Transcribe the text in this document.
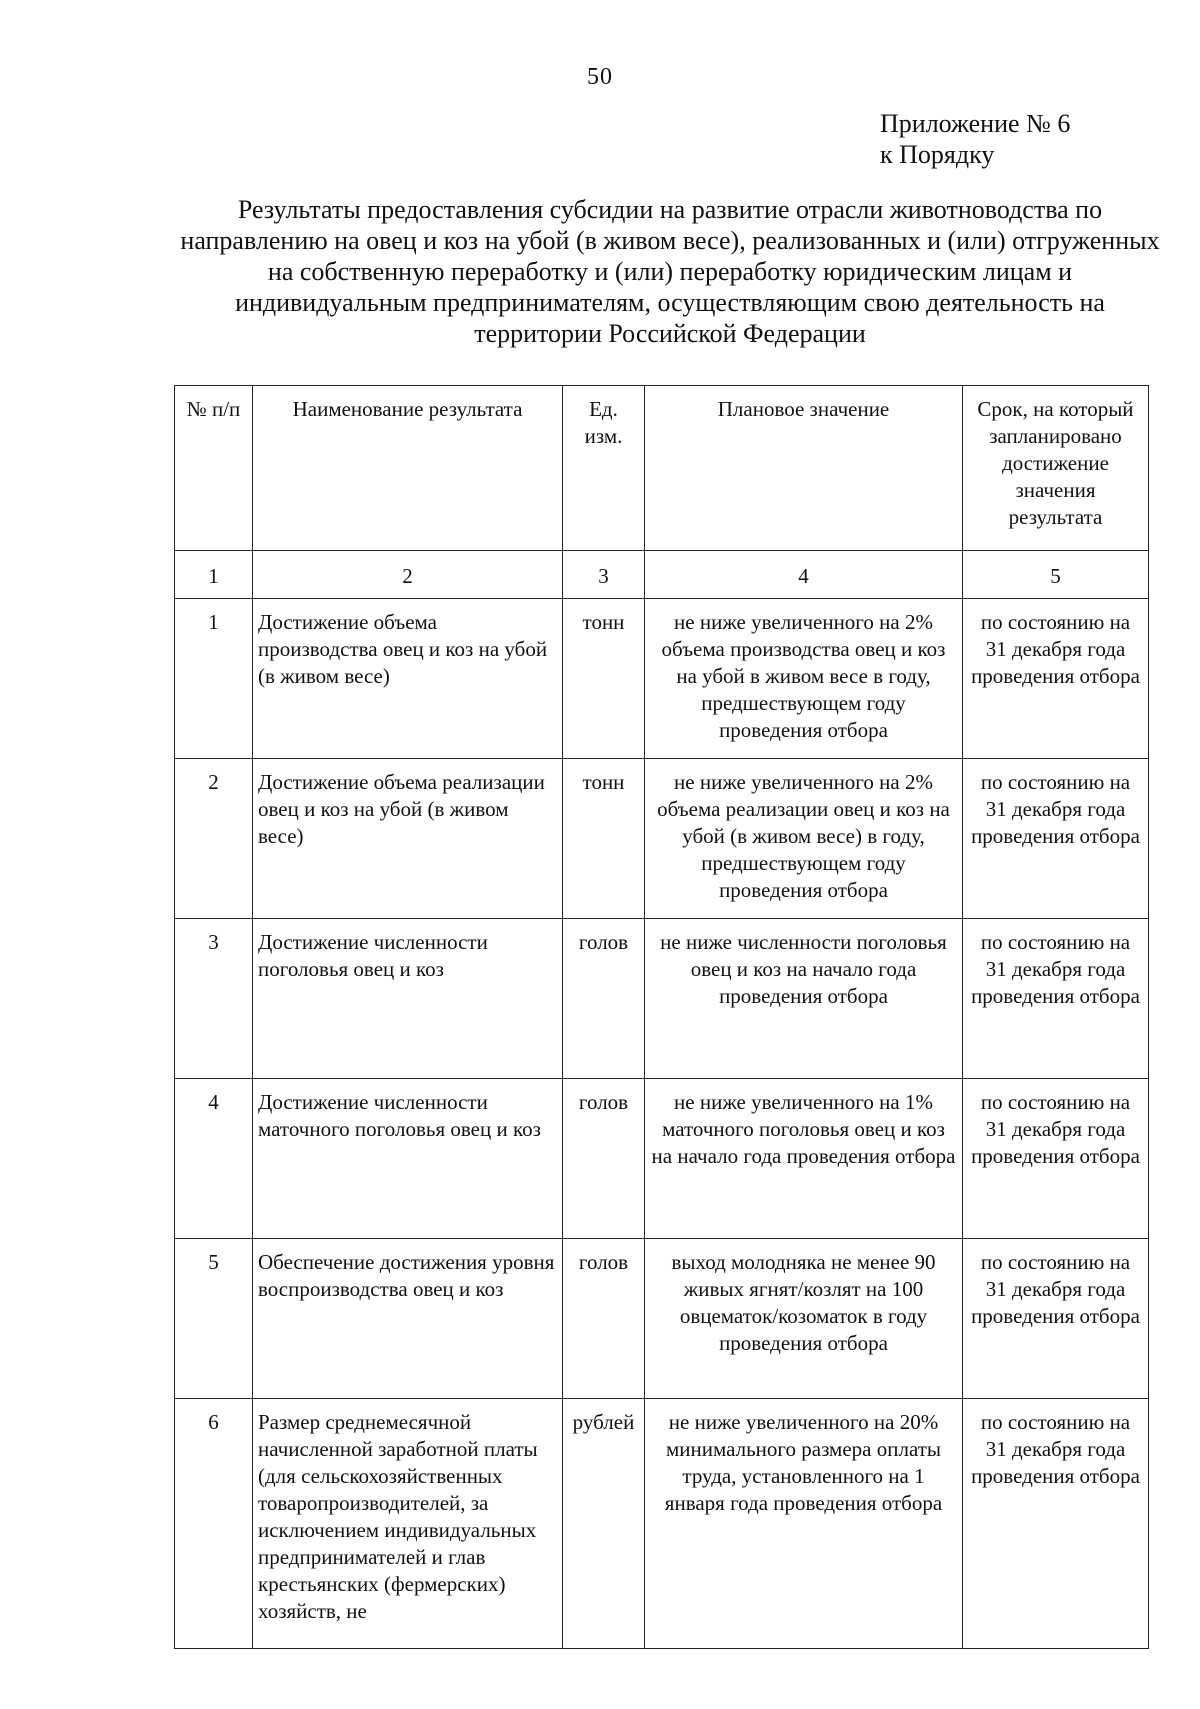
50
Приложение № 6
к Порядку
Результаты предоставления субсидии на развитие отрасли животноводства по направлению на овец и коз на убой (в живом весе), реализованных и (или) отгруженных на собственную переработку и (или) переработку юридическим лицам и индивидуальным предпринимателям, осуществляющим свою деятельность на территории Российской Федерации
№ п/п	Наименование результата	Ед. изм.	Плановое значение	Срок, на который запланировано достижение значения результата
1	2	3	4	5
1	Достижение объема производства овец и коз на убой (в живом весе)	тонн	не ниже увеличенного на 2% объема производства овец и коз на убой в живом весе в году, предшествующем году проведения отбора	по состоянию на 31 декабря года проведения отбора
2	Достижение объема реализации овец и коз на убой (в живом весе)	тонн	не ниже увеличенного на 2% объема реализации овец и коз на убой (в живом весе) в году, предшествующем году проведения отбора	по состоянию на 31 декабря года проведения отбора
3	Достижение численности поголовья овец и коз	голов	не ниже численности поголовья овец и коз на начало года проведения отбора	по состоянию на 31 декабря года проведения отбора
4	Достижение численности маточного поголовья овец и коз	голов	не ниже увеличенного на 1% маточного поголовья овец и коз на начало года проведения отбора	по состоянию на 31 декабря года проведения отбора
5	Обеспечение достижения уровня воспроизводства овец и коз	голов	выход молодняка не менее 90 живых ягнят/козлят на 100 овцематок/козоматок в году проведения отбора	по состоянию на 31 декабря года проведения отбора
6	Размер среднемесячной начисленной заработной платы (для сельскохозяйственных товаропроизводителей, за исключением индивидуальных предпринимателей и глав крестьянских (фермерских) хозяйств, не	рублей	не ниже увеличенного на 20% минимального размера оплаты труда, установленного на 1 января года проведения отбора	по состоянию на 31 декабря года проведения отбора
